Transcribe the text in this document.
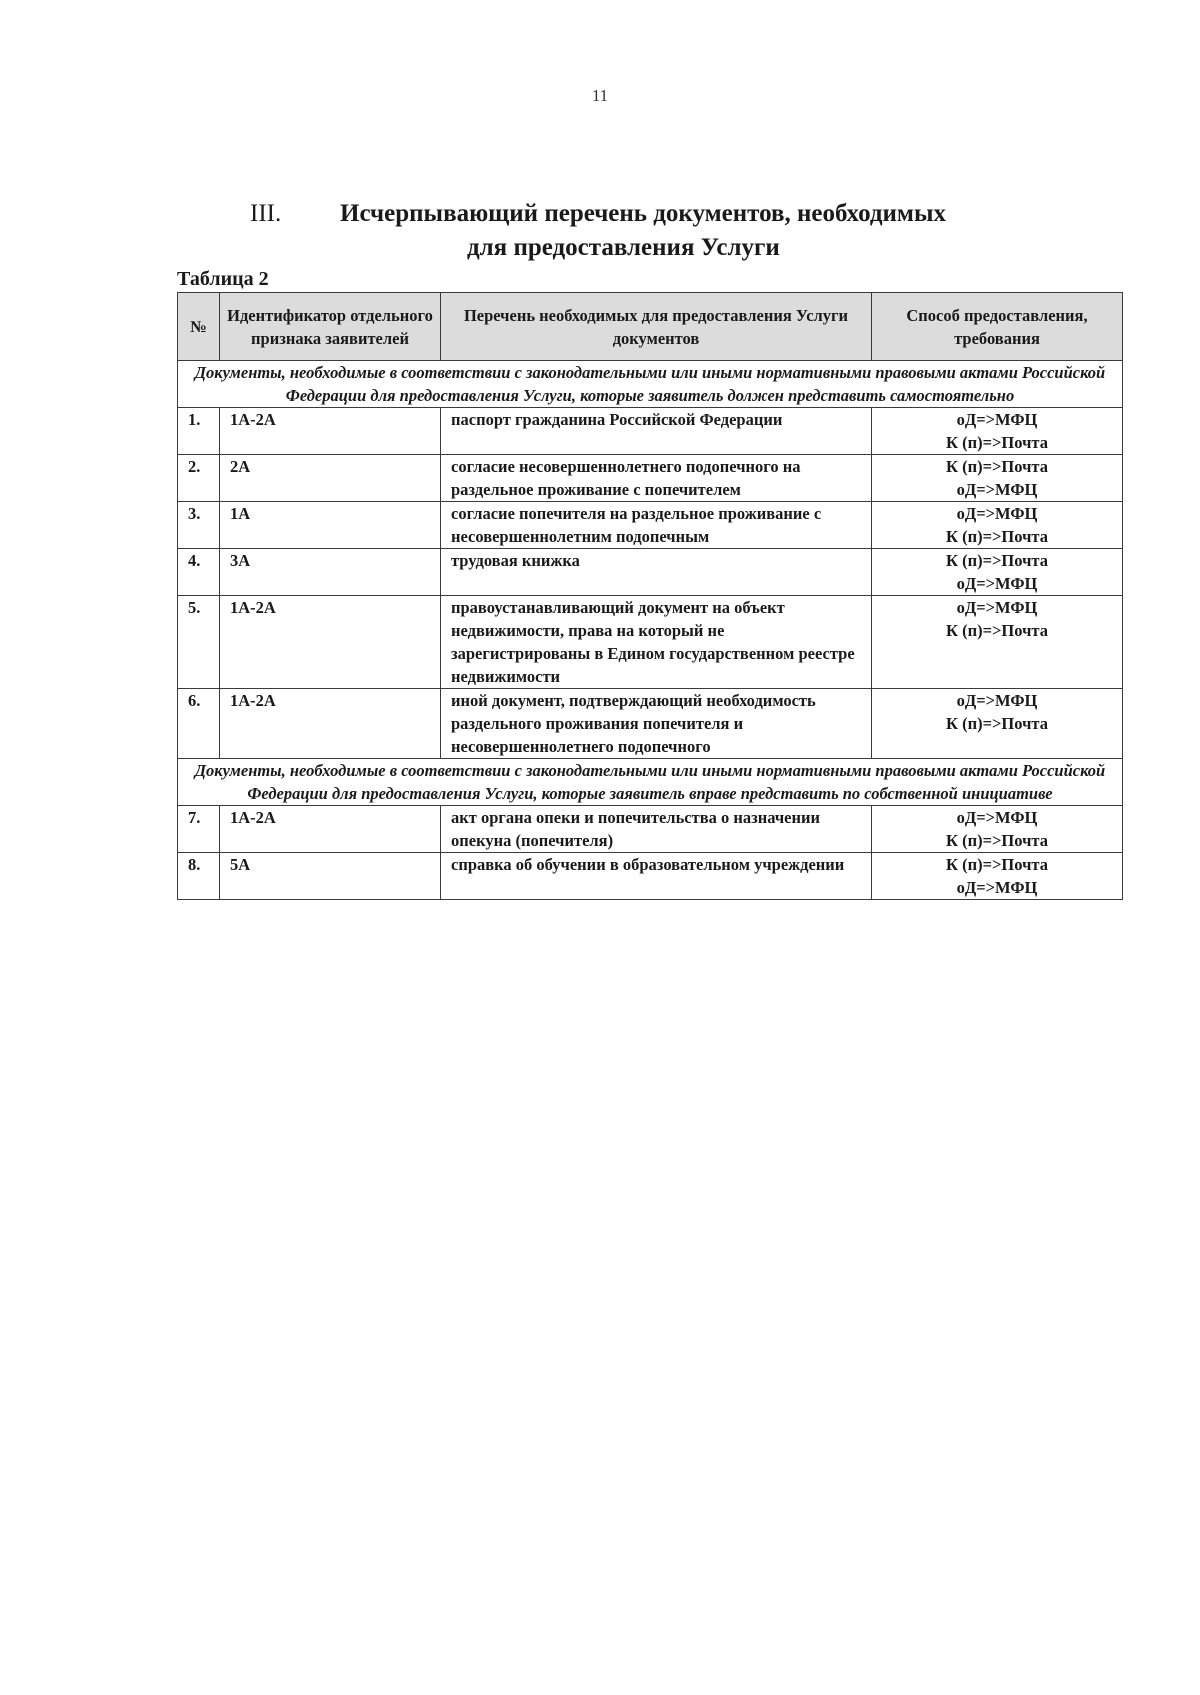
11
III. Исчерпывающий перечень документов, необходимых
для предоставления Услуги
Таблица 2
№	Идентификатор отдельного признака заявителей	Перечень необходимых для предоставления Услуги документов	Способ предоставления, требования
Документы, необходимые в соответствии с законодательными или иными нормативными правовыми актами Российской Федерации для предоставления Услуги, которые заявитель должен представить самостоятельно			
1.	1А-2А	паспорт гражданина Российской Федерации	оД=>МФЦ
К (п)=>Почта

2.	2А	согласие несовершеннолетнего подопечного на раздельное проживание с попечителем	К (п)=>Почта
оД=>МФЦ

3.	1А	согласие попечителя на раздельное проживание с несовершеннолетним подопечным	оД=>МФЦ
К (п)=>Почта

4.	3А	трудовая книжка	К (п)=>Почта
оД=>МФЦ

5.	1А-2А	правоустанавливающий документ на объект недвижимости, права на который не зарегистрированы в Едином государственном реестре недвижимости	оД=>МФЦ
К (п)=>Почта

6.	1А-2А	иной документ, подтверждающий необходимость раздельного проживания попечителя и несовершеннолетнего подопечного	оД=>МФЦ
К (п)=>Почта

Документы, необходимые в соответствии с законодательными или иными нормативными правовыми актами Российской Федерации для предоставления Услуги, которые заявитель вправе представить по собственной инициативе			
7.	1А-2А	акт органа опеки и попечительства о назначении опекуна (попечителя)	оД=>МФЦ
К (п)=>Почта

8.	5А	справка об обучении в образовательном учреждении	К (п)=>Почта
оД=>МФЦ
